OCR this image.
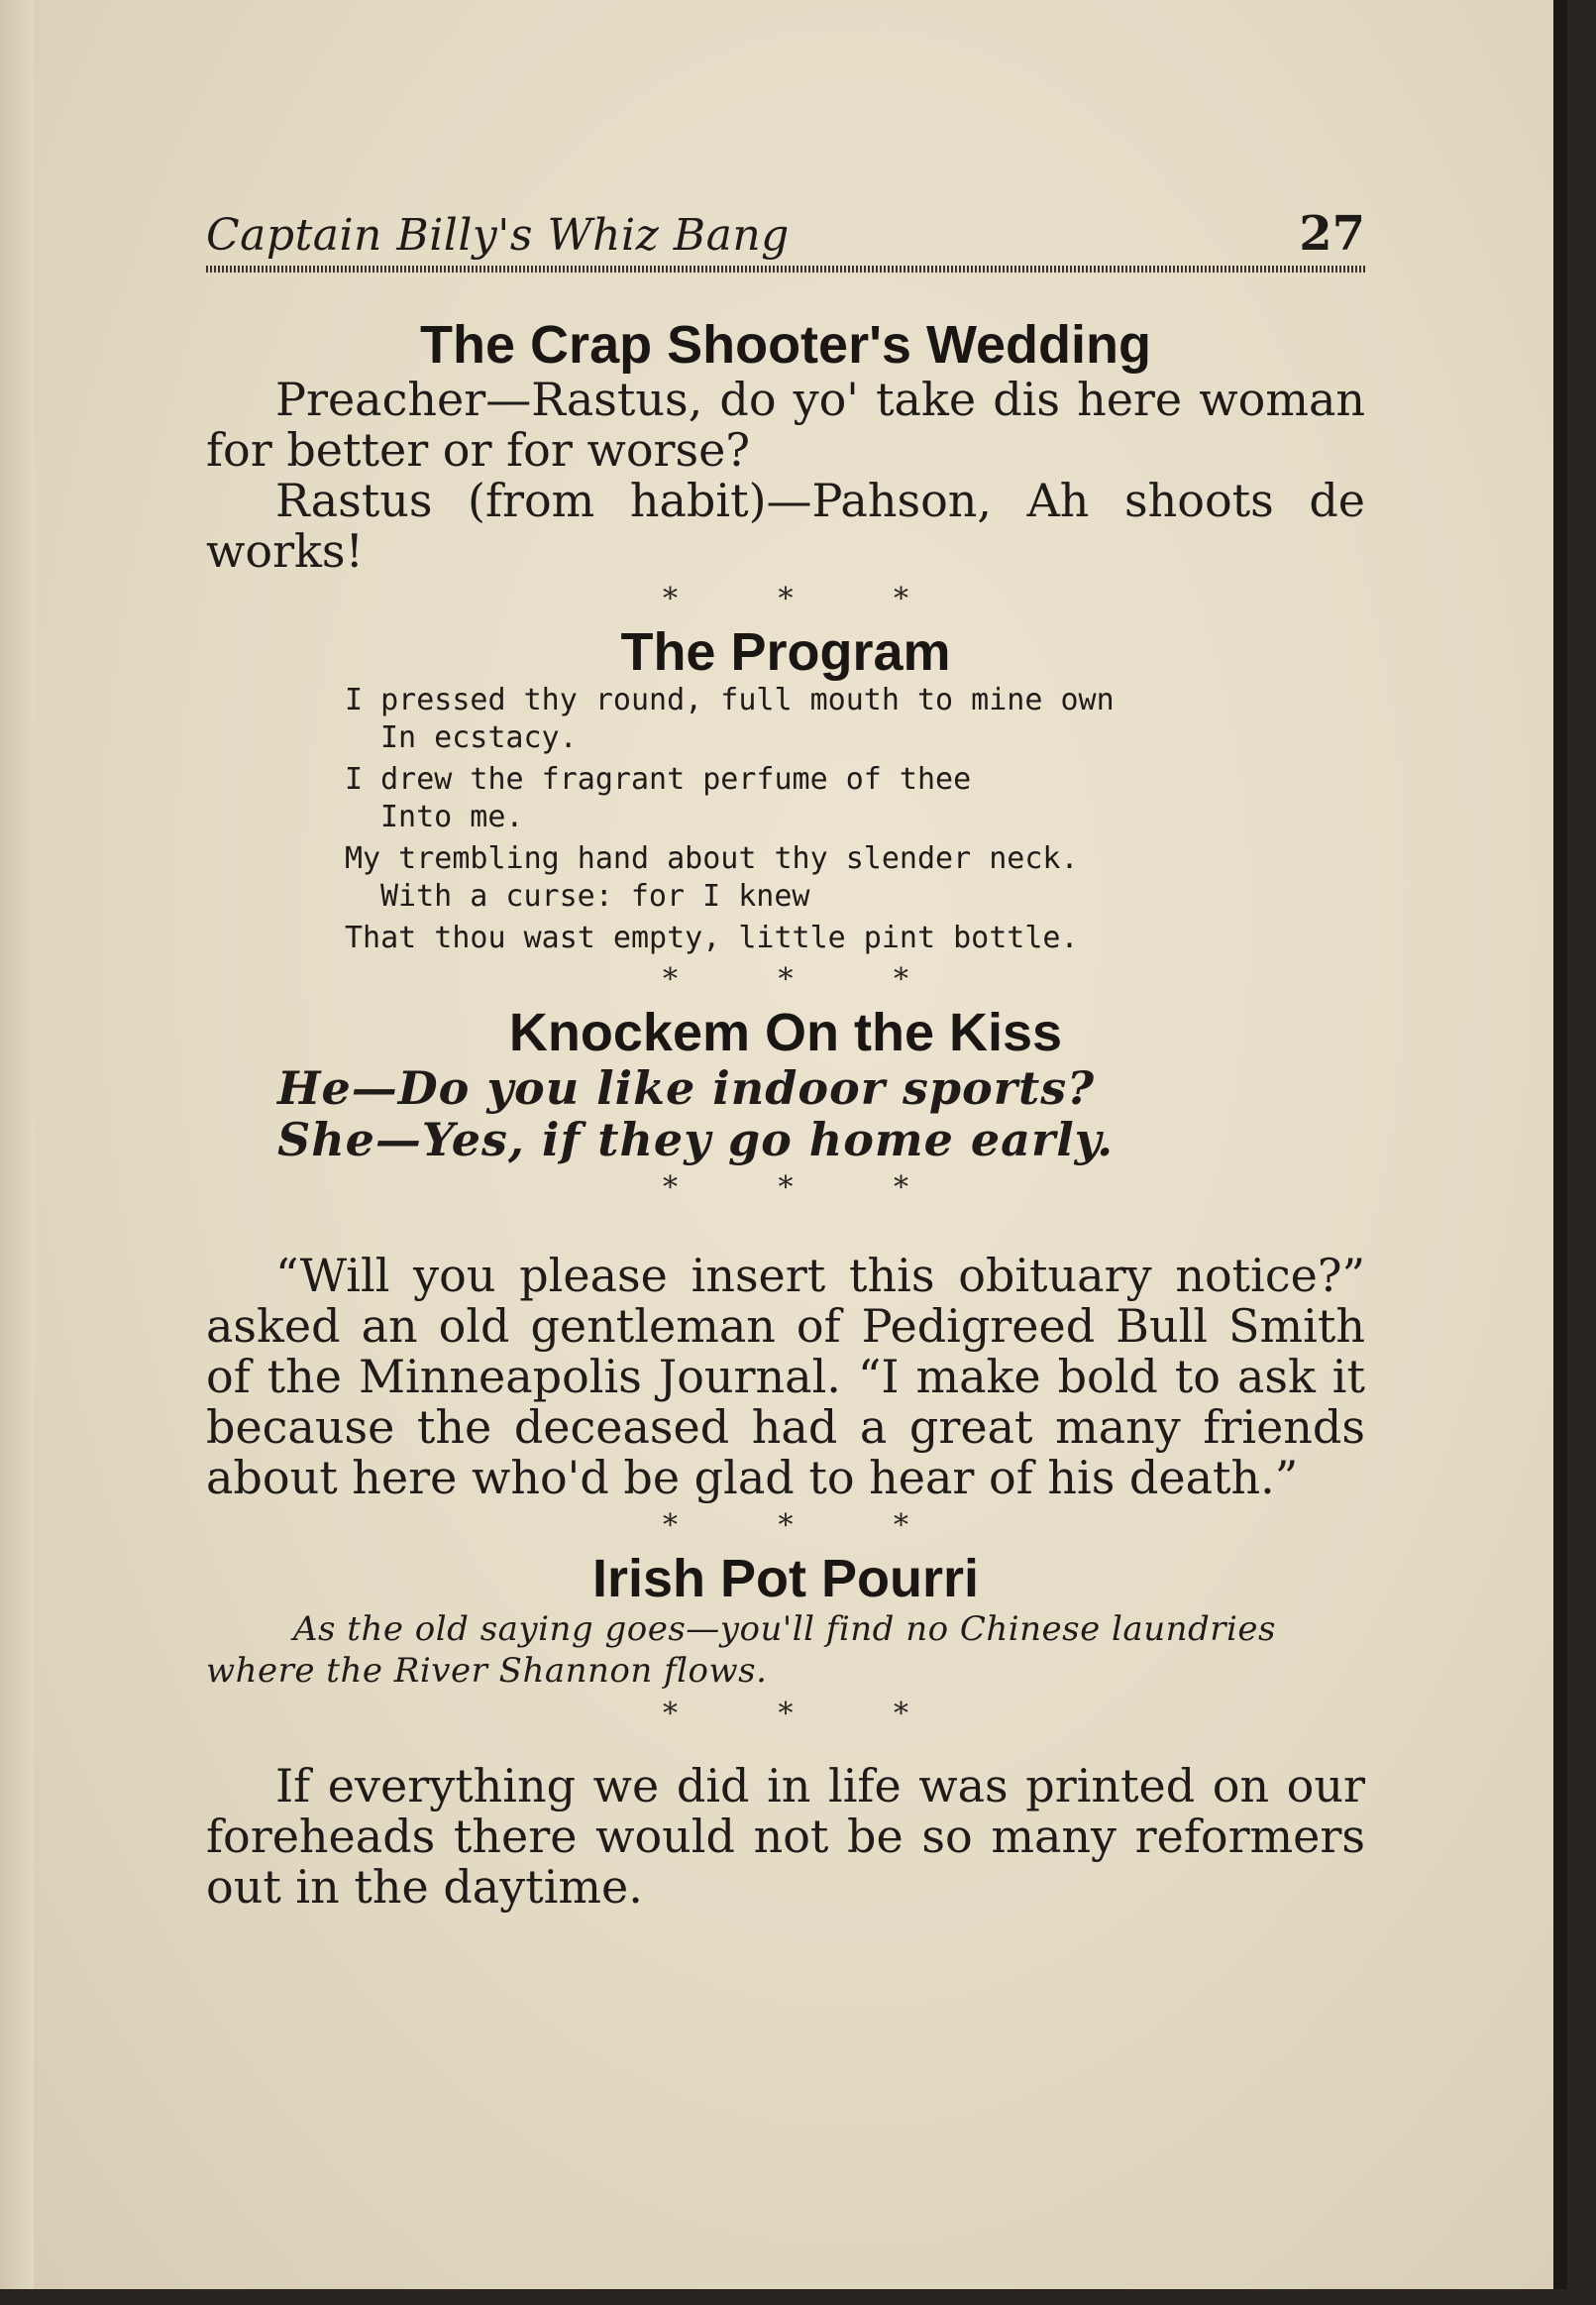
Captain Billy's Whiz Bang	27
The Crap Shooter's Wedding

Preacher—Rastus, do yo' take dis here woman for better or for worse?

Rastus (from habit)—Pahson, Ah shoots de works!

* * *
The Program
I pressed thy round, full mouth to mine own
In ecstacy.
I drew the fragrant perfume of thee
Into me.
My trembling hand about thy slender neck.
With a curse: for I knew
That thou wast empty, little pint bottle.
* * *
Knockem On the Kiss
He—Do you like indoor sports?
She—Yes, if they go home early.
* * *

“Will you please insert this obituary notice?” asked an old gentleman of Pedigreed Bull Smith of the Minneapolis Journal. “I make bold to ask it because the deceased had a great many friends about here who'd be glad to hear of his death.”

* * *
Irish Pot Pourri

As the old saying goes—you'll find no Chinese laundries
where the River Shannon flows.

* * *

If everything we did in life was printed on our foreheads there would not be so many reformers out in the daytime.
